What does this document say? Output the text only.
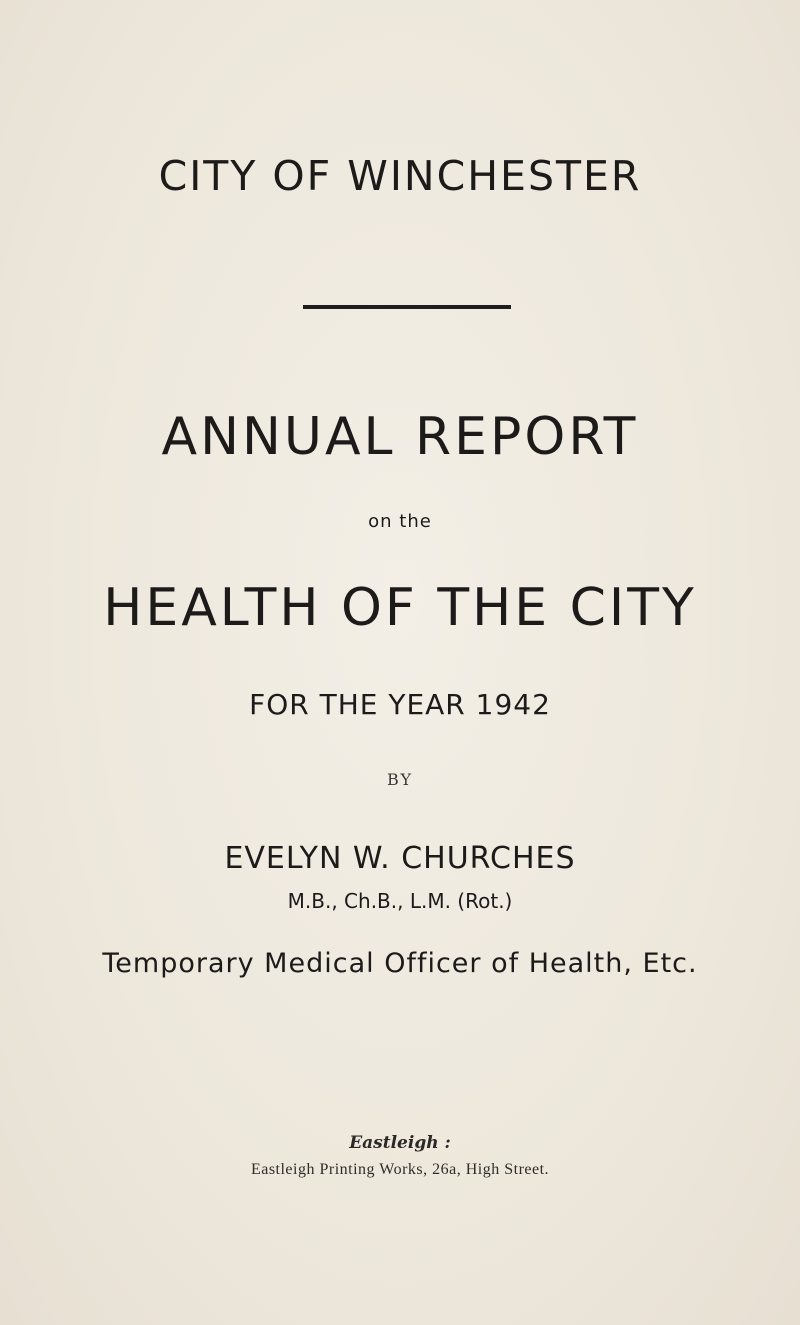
CITY OF WINCHESTER
ANNUAL REPORT
on the
HEALTH OF THE CITY
FOR THE YEAR 1942
BY
EVELYN W. CHURCHES
M.B., Ch.B., L.M. (Rot.)
Temporary Medical Officer of Health, Etc.
Eastleigh :
Eastleigh Printing Works, 26a, High Street.
